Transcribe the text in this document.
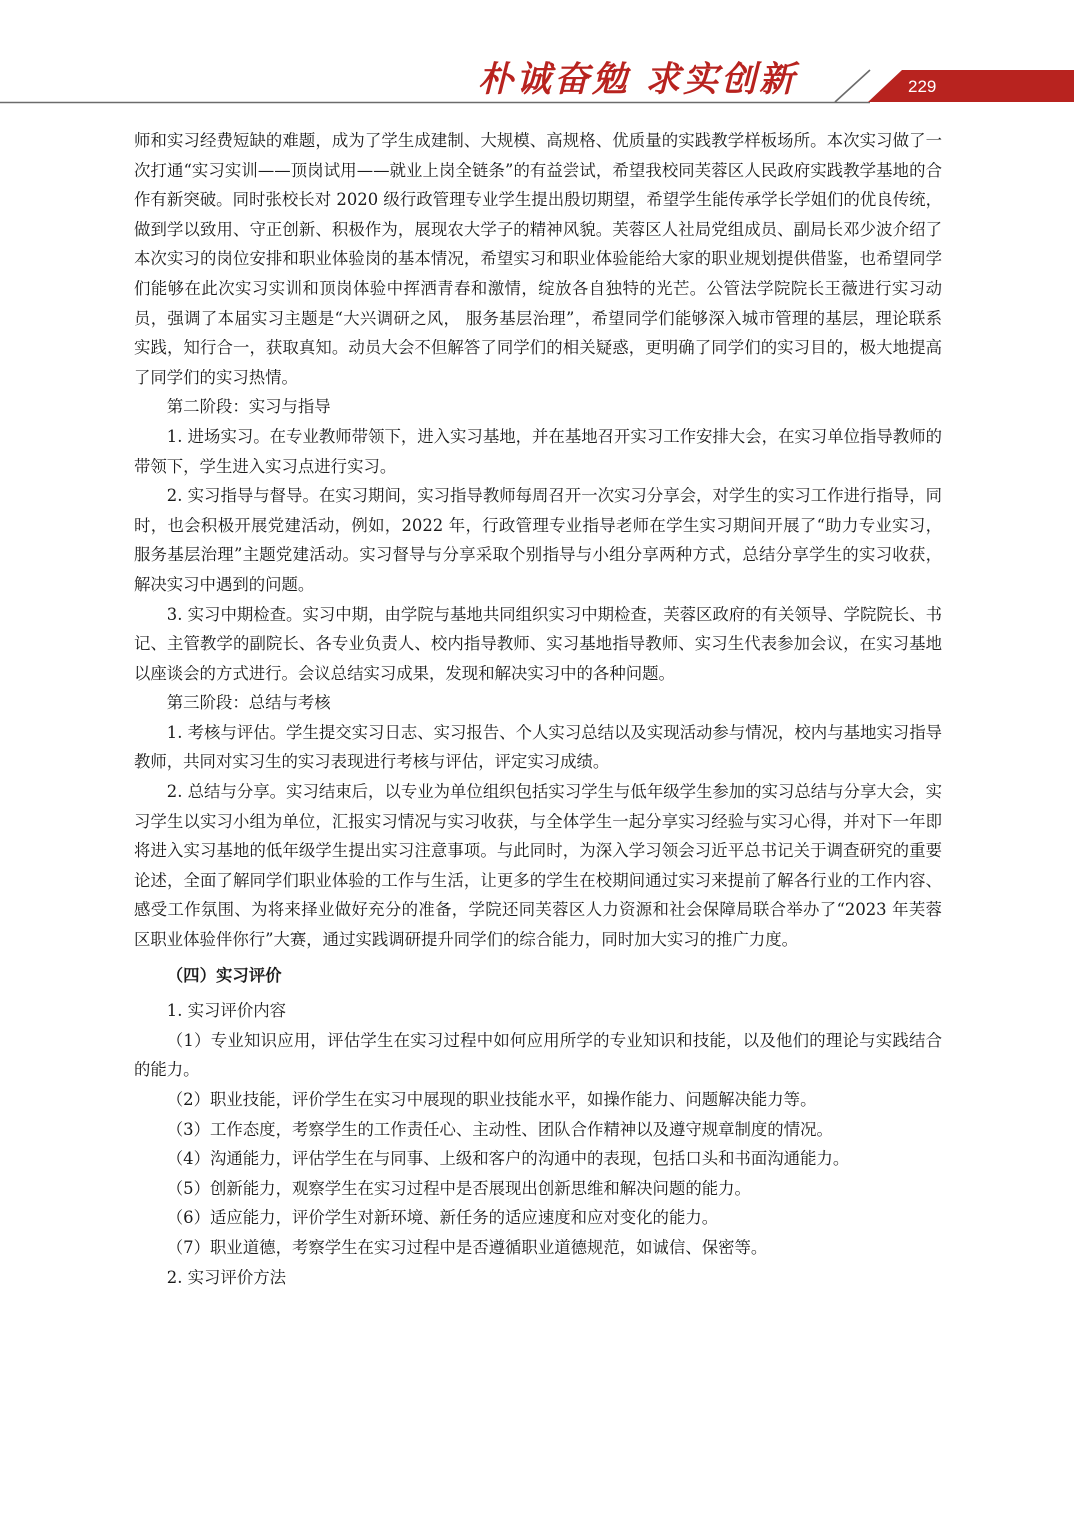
朴诚奋勉 求实创新	229

师和实习经费短缺的难题，成为了学生成建制、大规模、高规格、优质量的实践教学样板场所。本次实习做了一次打通“实习实训——顶岗试用——就业上岗全链条”的有益尝试，希望我校同芙蓉区人民政府实践教学基地的合作有新突破。同时张校长对 2020 级行政管理专业学生提出殷切期望，希望学生能传承学长学姐们的优良传统，做到学以致用、守正创新、积极作为，展现农大学子的精神风貌。芙蓉区人社局党组成员、副局长邓少波介绍了本次实习的岗位安排和职业体验岗的基本情况，希望实习和职业体验能给大家的职业规划提供借鉴，也希望同学们能够在此次实习实训和顶岗体验中挥洒青春和激情，绽放各自独特的光芒。公管法学院院长王薇进行实习动员，强调了本届实习主题是“大兴调研之风， 服务基层治理”，希望同学们能够深入城市管理的基层，理论联系实践，知行合一，获取真知。动员大会不但解答了同学们的相关疑惑，更明确了同学们的实习目的，极大地提高了同学们的实习热情。

第二阶段：实习与指导

1. 进场实习。在专业教师带领下，进入实习基地，并在基地召开实习工作安排大会，在实习单位指导教师的带领下，学生进入实习点进行实习。

2. 实习指导与督导。在实习期间，实习指导教师每周召开一次实习分享会，对学生的实习工作进行指导，同时，也会积极开展党建活动，例如，2022 年，行政管理专业指导老师在学生实习期间开展了“助力专业实习，服务基层治理”主题党建活动。实习督导与分享采取个别指导与小组分享两种方式，总结分享学生的实习收获，解决实习中遇到的问题。

3. 实习中期检查。实习中期，由学院与基地共同组织实习中期检查，芙蓉区政府的有关领导、学院院长、书记、主管教学的副院长、各专业负责人、校内指导教师、实习基地指导教师、实习生代表参加会议，在实习基地以座谈会的方式进行。会议总结实习成果，发现和解决实习中的各种问题。

第三阶段：总结与考核

1. 考核与评估。学生提交实习日志、实习报告、个人实习总结以及实现活动参与情况，校内与基地实习指导教师，共同对实习生的实习表现进行考核与评估，评定实习成绩。

2. 总结与分享。实习结束后，以专业为单位组织包括实习学生与低年级学生参加的实习总结与分享大会，实习学生以实习小组为单位，汇报实习情况与实习收获，与全体学生一起分享实习经验与实习心得，并对下一年即将进入实习基地的低年级学生提出实习注意事项。与此同时，为深入学习领会习近平总书记关于调查研究的重要论述，全面了解同学们职业体验的工作与生活，让更多的学生在校期间通过实习来提前了解各行业的工作内容、感受工作氛围、为将来择业做好充分的准备，学院还同芙蓉区人力资源和社会保障局联合举办了“2023 年芙蓉区职业体验伴你行”大赛，通过实践调研提升同学们的综合能力，同时加大实习的推广力度。

（四）实习评价

1. 实习评价内容

（1）专业知识应用，评估学生在实习过程中如何应用所学的专业知识和技能，以及他们的理论与实践结合的能力。

（2）职业技能，评价学生在实习中展现的职业技能水平，如操作能力、问题解决能力等。

（3）工作态度，考察学生的工作责任心、主动性、团队合作精神以及遵守规章制度的情况。

（4）沟通能力，评估学生在与同事、上级和客户的沟通中的表现，包括口头和书面沟通能力。

（5）创新能力，观察学生在实习过程中是否展现出创新思维和解决问题的能力。

（6）适应能力，评价学生对新环境、新任务的适应速度和应对变化的能力。

（7）职业道德，考察学生在实习过程中是否遵循职业道德规范，如诚信、保密等。

2. 实习评价方法
